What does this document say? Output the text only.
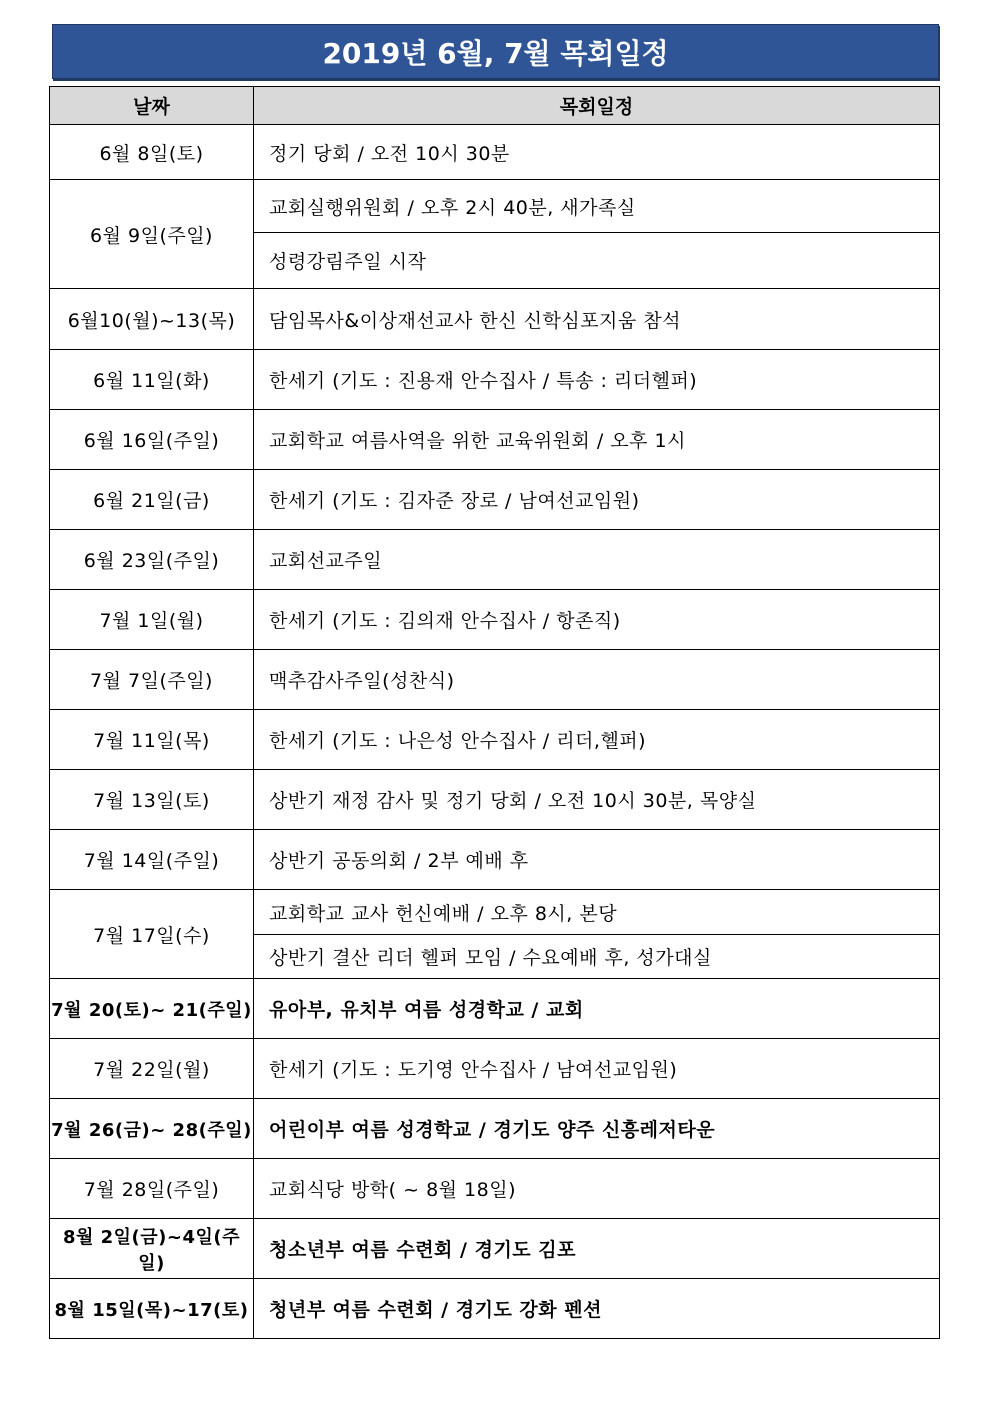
2019년 6월, 7월 목회일정
날짜	목회일정
6월 8일(토)	정기 당회 / 오전 10시 30분
6월 9일(주일)	교회실행위원회 / 오후 2시 40분, 새가족실
	성령강림주일 시작
6월10(월)~13(목)	담임목사&이상재선교사 한신 신학심포지움 참석
6월 11일(화)	한세기 (기도 : 진용재 안수집사 / 특송 : 리더헬퍼)
6월 16일(주일)	교회학교 여름사역을 위한 교육위원회 / 오후 1시
6월 21일(금)	한세기 (기도 : 김자준 장로 / 남여선교임원)
6월 23일(주일)	교회선교주일
7월 1일(월)	한세기 (기도 : 김의재 안수집사 / 항존직)
7월 7일(주일)	맥추감사주일(성찬식)
7월 11일(목)	한세기 (기도 : 나은성 안수집사 / 리더,헬퍼)
7월 13일(토)	상반기 재정 감사 및 정기 당회 / 오전 10시 30분, 목양실
7월 14일(주일)	상반기 공동의회 / 2부 예배 후
7월 17일(수)	교회학교 교사 헌신예배 / 오후 8시, 본당
	상반기 결산 리더 헬퍼 모임 / 수요예배 후, 성가대실
7월 20(토)~ 21(주일)	유아부, 유치부 여름 성경학교 / 교회
7월 22일(월)	한세기 (기도 : 도기영 안수집사 / 남여선교임원)
7월 26(금)~ 28(주일)	어린이부 여름 성경학교 / 경기도 양주 신흥레저타운
7월 28일(주일)	교회식당 방학( ~ 8월 18일)
8월 2일(금)~4일(주일)	청소년부 여름 수련회 / 경기도 김포
8월 15일(목)~17(토)	청년부 여름 수련회 / 경기도 강화 펜션
